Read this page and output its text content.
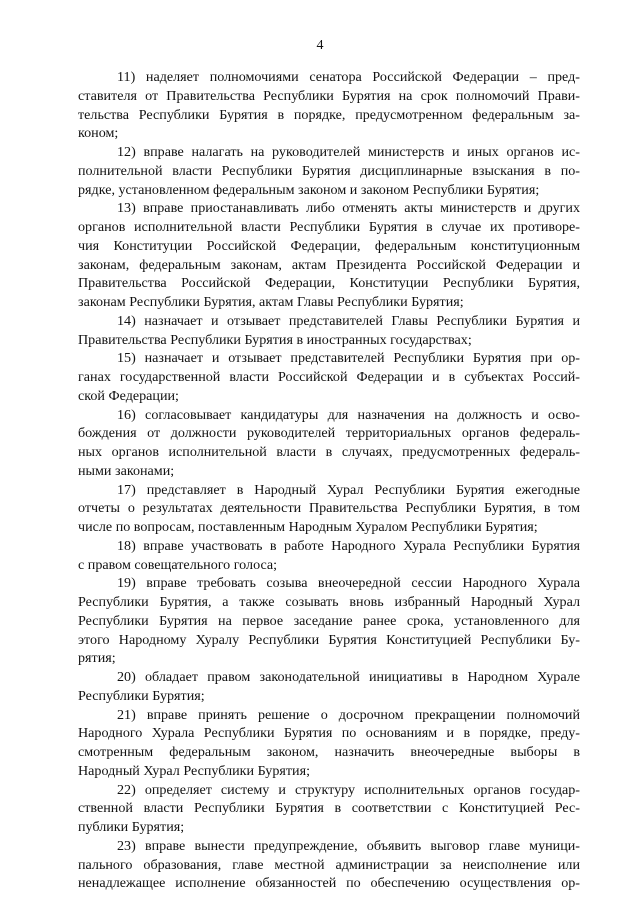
4
11) наделяет полномочиями сенатора Российской Федерации – пред-
ставителя от Правительства Республики Бурятия на срок полномочий Прави-
тельства Республики Бурятия в порядке, предусмотренном федеральным за-
коном;
12) вправе налагать на руководителей министерств и иных органов ис-
полнительной власти Республики Бурятия дисциплинарные взыскания в по-
рядке, установленном федеральным законом и законом Республики Бурятия;
13) вправе приостанавливать либо отменять акты министерств и других
органов исполнительной власти Республики Бурятия в случае их противоре-
чия Конституции Российской Федерации, федеральным конституционным
законам, федеральным законам, актам Президента Российской Федерации и
Правительства Российской Федерации, Конституции Республики Бурятия,
законам Республики Бурятия, актам Главы Республики Бурятия;
14) назначает и отзывает представителей Главы Республики Бурятия и
Правительства Республики Бурятия в иностранных государствах;
15) назначает и отзывает представителей Республики Бурятия при ор-
ганах государственной власти Российской Федерации и в субъектах Россий-
ской Федерации;
16) согласовывает кандидатуры для назначения на должность и осво-
бождения от должности руководителей территориальных органов федераль-
ных органов исполнительной власти в случаях, предусмотренных федераль-
ными законами;
17) представляет в Народный Хурал Республики Бурятия ежегодные
отчеты о результатах деятельности Правительства Республики Бурятия, в том
числе по вопросам, поставленным Народным Хуралом Республики Бурятия;
18) вправе участвовать в работе Народного Хурала Республики Бурятия
с правом совещательного голоса;
19) вправе требовать созыва внеочередной сессии Народного Хурала
Республики Бурятия, а также созывать вновь избранный Народный Хурал
Республики Бурятия на первое заседание ранее срока, установленного для
этого Народному Хуралу Республики Бурятия Конституцией Республики Бу-
рятия;
20) обладает правом законодательной инициативы в Народном Хурале
Республики Бурятия;
21) вправе принять решение о досрочном прекращении полномочий
Народного Хурала Республики Бурятия по основаниям и в порядке, преду-
смотренным федеральным законом, назначить внеочередные выборы в
Народный Хурал Республики Бурятия;
22) определяет систему и структуру исполнительных органов государ-
ственной власти Республики Бурятия в соответствии с Конституцией Рес-
публики Бурятия;
23) вправе вынести предупреждение, объявить выговор главе муници-
пального образования, главе местной администрации за неисполнение или
ненадлежащее исполнение обязанностей по обеспечению осуществления ор-
